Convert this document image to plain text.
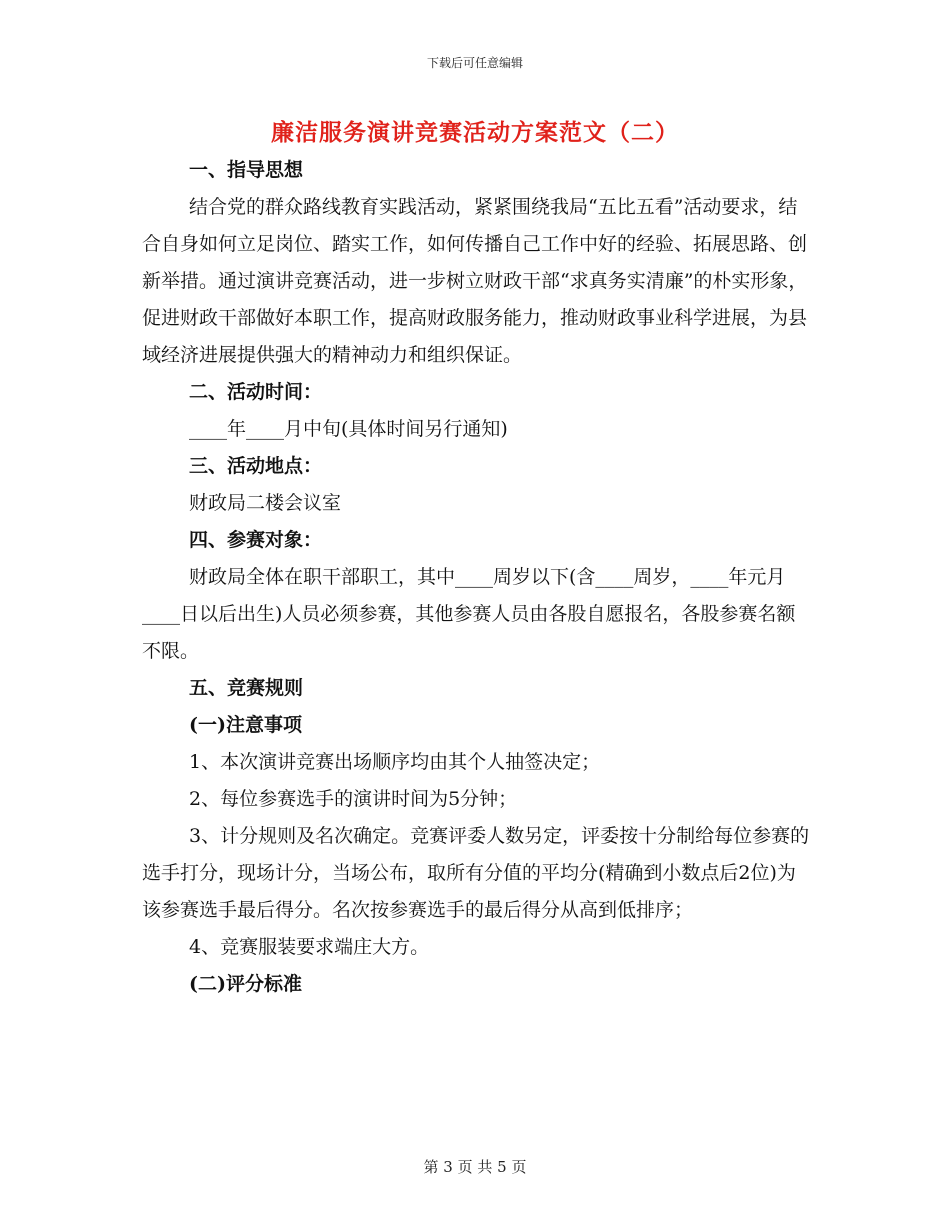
下载后可任意编辑
廉洁服务演讲竞赛活动方案范文（二）

一、指导思想

结合党的群众路线教育实践活动，紧紧围绕我局“五比五看”活动要求，结合自身如何立足岗位、踏实工作，如何传播自己工作中好的经验、拓展思路、创新举措。通过演讲竞赛活动，进一步树立财政干部“求真务实清廉”的朴实形象，促进财政干部做好本职工作，提高财政服务能力，推动财政事业科学进展，为县域经济进展提供强大的精神动力和组织保证。

二、活动时间：

____年____月中旬(具体时间另行通知)

三、活动地点：

财政局二楼会议室

四、参赛对象：

财政局全体在职干部职工，其中____周岁以下(含____周岁，____年元月____日以后出生)人员必须参赛，其他参赛人员由各股自愿报名，各股参赛名额不限。

五、竞赛规则

(一)注意事项

1、本次演讲竞赛出场顺序均由其个人抽签决定；

2、每位参赛选手的演讲时间为5分钟；

3、计分规则及名次确定。竞赛评委人数另定，评委按十分制给每位参赛的选手打分，现场计分，当场公布，取所有分值的平均分(精确到小数点后2位)为该参赛选手最后得分。名次按参赛选手的最后得分从高到低排序；

4、竞赛服装要求端庄大方。

(二)评分标准

第 3 页 共 5 页
